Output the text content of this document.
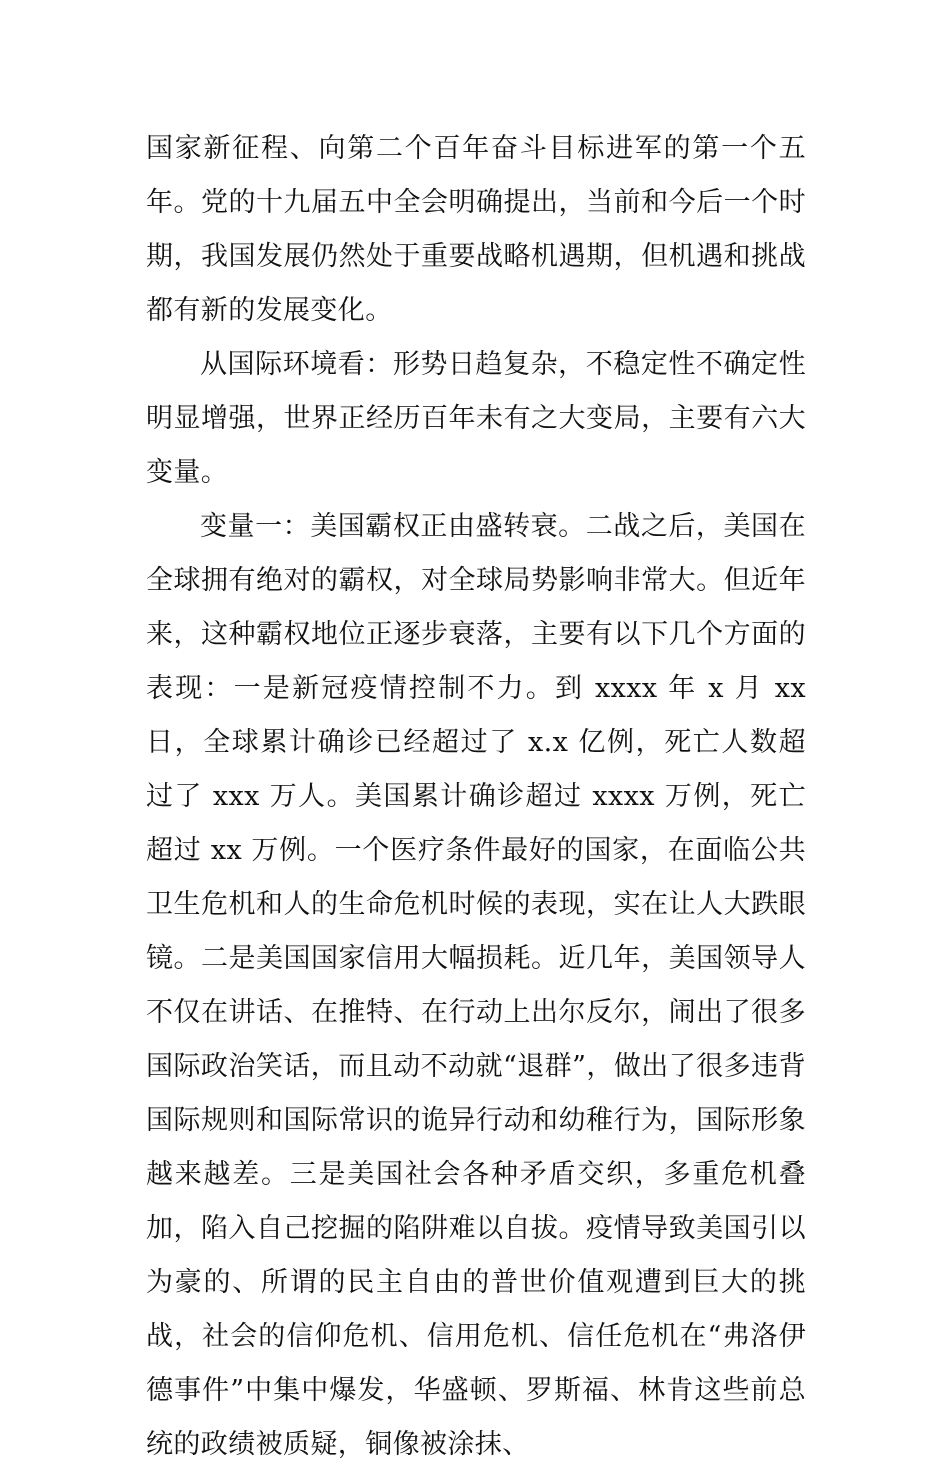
国家新征程、向第二个百年奋斗目标进军的第一个五年。党的十九届五中全会明确提出，当前和今后一个时期，我国发展仍然处于重要战略机遇期，但机遇和挑战都有新的发展变化。

从国际环境看：形势日趋复杂，不稳定性不确定性明显增强，世界正经历百年未有之大变局，主要有六大变量。

变量一：美国霸权正由盛转衰。二战之后，美国在全球拥有绝对的霸权，对全球局势影响非常大。但近年来，这种霸权地位正逐步衰落，主要有以下几个方面的表现：一是新冠疫情控制不力。到 xxxx 年 x 月 xx 日，全球累计确诊已经超过了 x.x 亿例，死亡人数超过了 xxx 万人。美国累计确诊超过 xxxx 万例，死亡超过 xx 万例。一个医疗条件最好的国家，在面临公共卫生危机和人的生命危机时候的表现，实在让人大跌眼镜。二是美国国家信用大幅损耗。近几年，美国领导人不仅在讲话、在推特、在行动上出尔反尔，闹出了很多国际政治笑话，而且动不动就“退群”，做出了很多违背国际规则和国际常识的诡异行动和幼稚行为，国际形象越来越差。三是美国社会各种矛盾交织，多重危机叠加，陷入自己挖掘的陷阱难以自拔。疫情导致美国引以为豪的、所谓的民主自由的普世价值观遭到巨大的挑战，社会的信仰危机、信用危机、信任危机在“弗洛伊德事件”中集中爆发，华盛顿、罗斯福、林肯这些前总统的政绩被质疑，铜像被涂抹、
